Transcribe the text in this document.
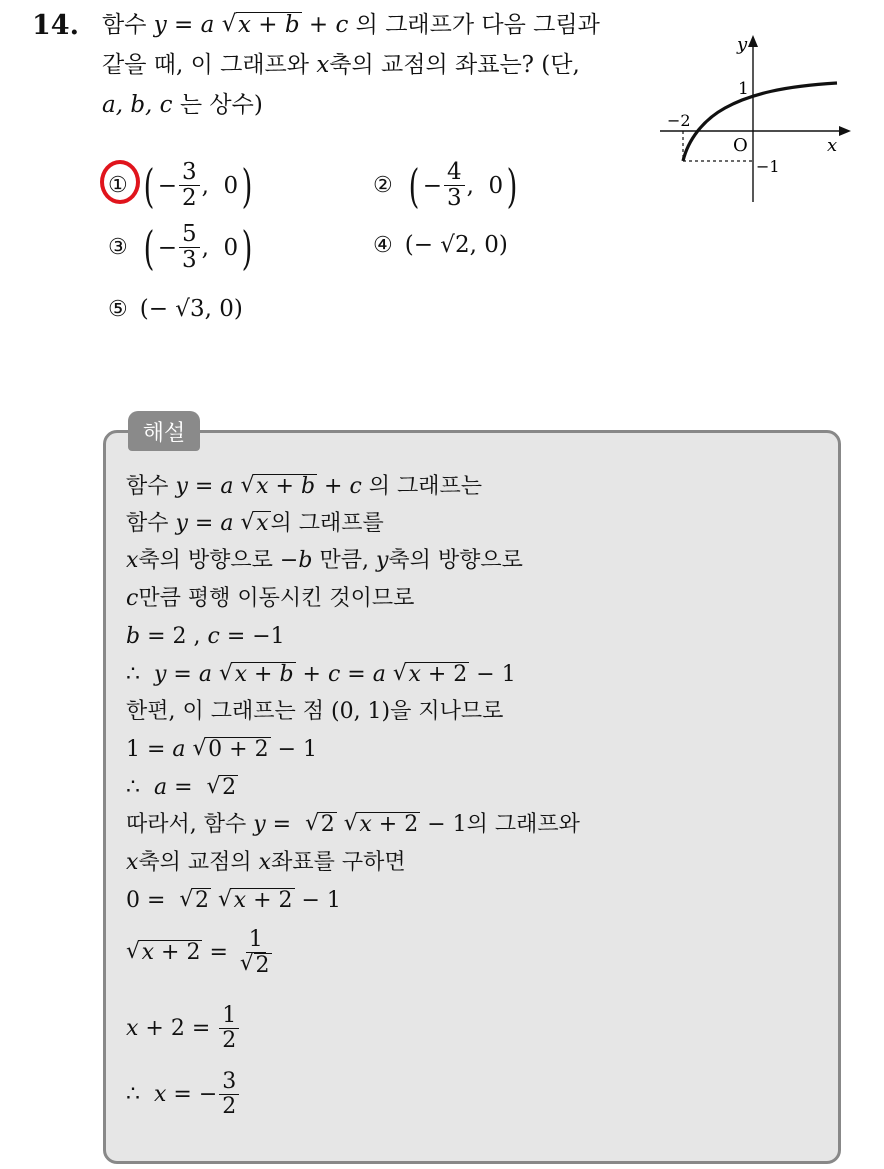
14. 함수 y = a √ x + b + c 의 그래프가 다음 그림과
같을 때, 이 그래프와 x축의 교점의 좌표는? (단,
a, b, c 는 상수)
y
x
O
1
−2
−1
① ( − $\frac{3}{2}$ , 0 )	② ( − $\frac{4}{3}$ , 0 )
③ ( − $\frac{5}{3}$ , 0 )	④ (− √2, 0)
⑤ (− √3, 0)
해설
함수 y = a √ x + b + c 의 그래프는
함수 y = a √ x의 그래프를
x축의 방향으로 −b 만큼, y축의 방향으로
c만큼 평행 이동시킨 것이므로
b = 2 , c = −1
∴  y = a √ x + b + c = a √ x + 2 − 1
한편, 이 그래프는 점 (0, 1)을 지나므로
1 = a √ 0 + 2 − 1
∴  a = √ 2
따라서, 함수 y = √ 2 √ x + 2 − 1의 그래프와
x축의 교점의 x좌표를 구하면
0 = √ 2 √ x + 2 − 1
√ $x + 2 = \frac{1}{√ 2}$
$x + 2 = \frac{1}{2}$
∴ x = − $\frac{3}{2}$
